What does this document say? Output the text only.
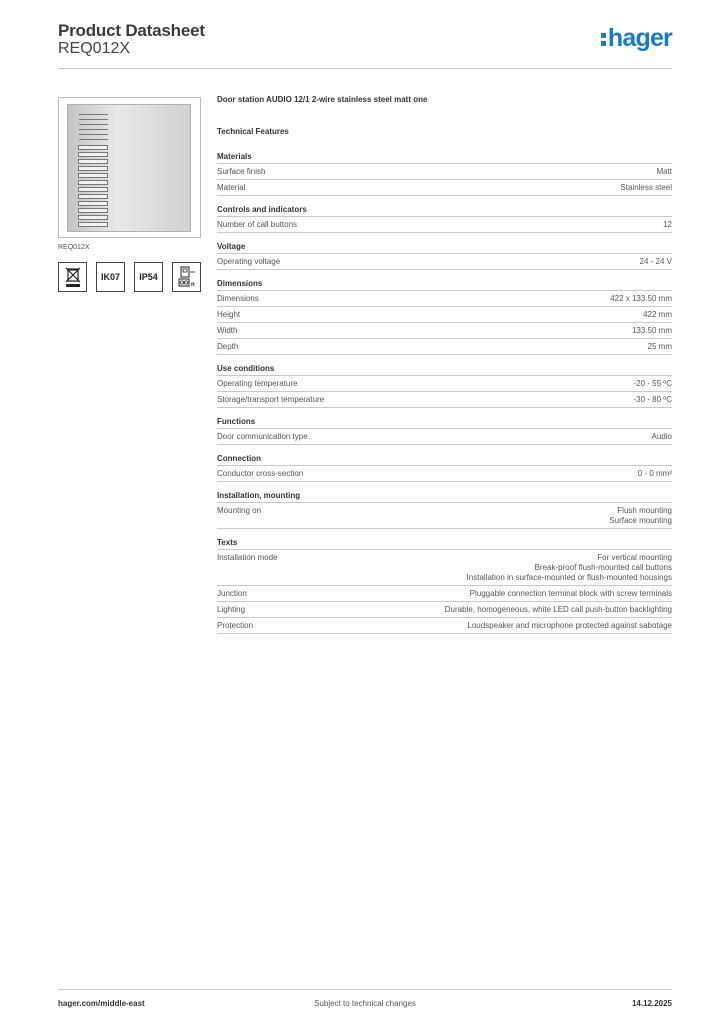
Product Datasheet
REQ012X	hager
REQ012X
IK07	IP54
n
Door station AUDIO 12/1 2-wire stainless steel matt one
Technical Features
Materials
Surface finish	Matt
Material	Stainless steel
Controls and indicators
Number of call buttons	12
Voltage
Operating voltage	24 - 24 V
Dimensions
Dimensions	422 x 133.50 mm
Height	422 mm
Width	133.50 mm
Depth	25 mm
Use conditions
Operating temperature	-20 - 55 ºC
Storage/transport temperature	-30 - 80 ºC
Functions
Door communication type	Audio
Connection
Conductor cross-section	0 - 0 mm²
Installation, mounting
Mounting on	Flush mounting
Surface mounting
Texts
Installation mode	For vertical mounting
Break-proof flush-mounted call buttons
Installation in surface-mounted or flush-mounted housings
Junction	Pluggable connection terminal block with screw terminals
Lighting	Durable, homogeneous, white LED call push-button backlighting
Protection	Loudspeaker and microphone protected against sabotage
hager.com/middle-east	Subject to technical changes	14.12.2025
